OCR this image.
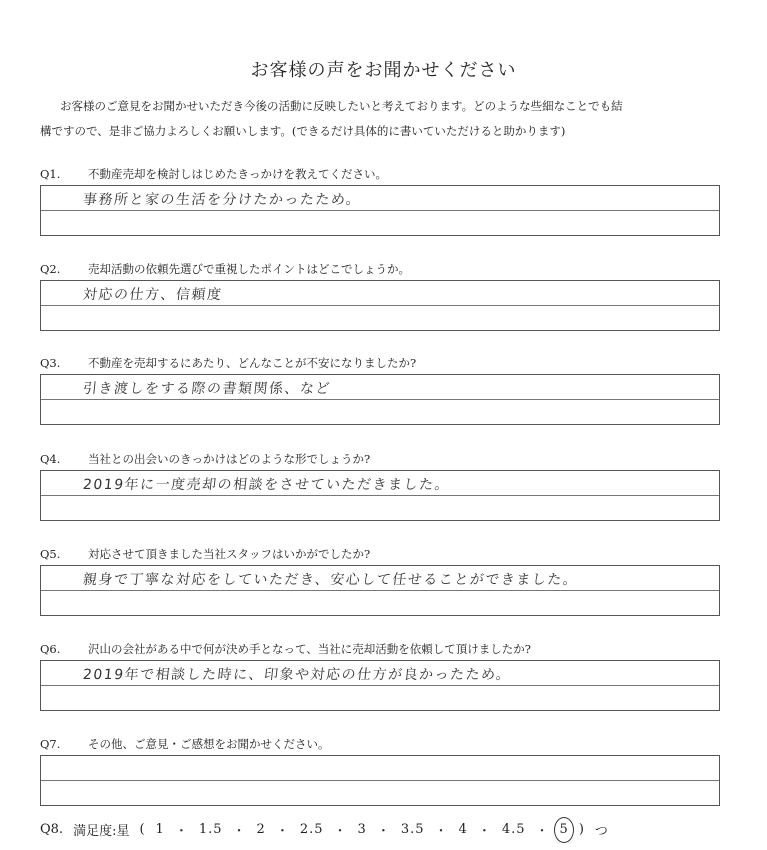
お客様の声をお聞かせください
お客様のご意見をお聞かせいただき今後の活動に反映したいと考えております。どのような些細なことでも結
構ですので、是非ご協力よろしくお願いします。(できるだけ具体的に書いていただけると助かります)
Q1.	不動産売却を検討しはじめたきっかけを教えてください。
事務所と家の生活を分けたかったため。
Q2.	売却活動の依頼先選びで重視したポイントはどこでしょうか。
対応の仕方、信頼度
Q3.	不動産を売却するにあたり、どんなことが不安になりましたか?
引き渡しをする際の書類関係、など
Q4.	当社との出会いのきっかけはどのような形でしょうか?
2019年に一度売却の相談をさせていただきました。
Q5.	対応させて頂きました当社スタッフはいかがでしたか?
親身で丁寧な対応をしていただき、安心して任せることができました。
Q6.	沢山の会社がある中で何が決め手となって、当社に売却活動を依頼して頂けましたか?
2019年で相談した時に、印象や対応の仕方が良かったため。
Q7.	その他、ご意見・ご感想をお聞かせください。
Q8. 満足度:星 ( 1 ・ 1.5 ・ 2 ・ 2.5 ・ 3 ・ 3.5 ・ 4 ・ 4.5 ・ 5 ) つ
